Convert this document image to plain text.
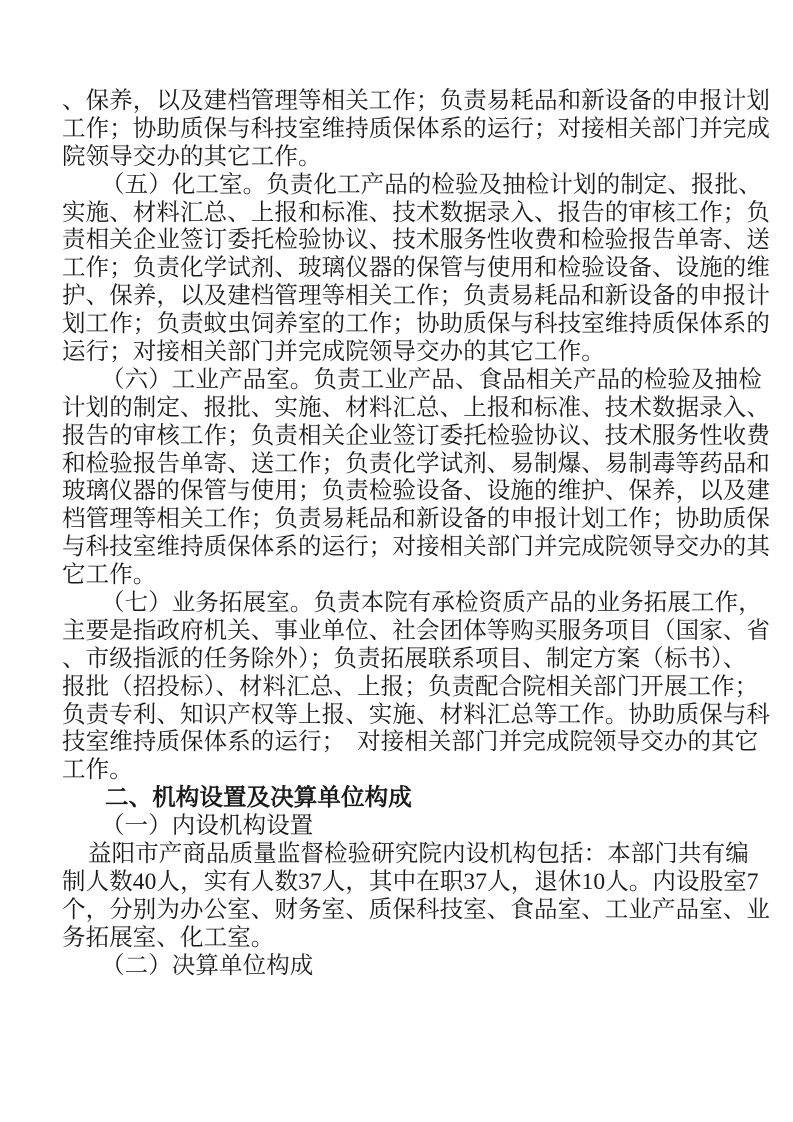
、保养，以及建档管理等相关工作；负责易耗品和新设备的申报计划
工作；协助质保与科技室维持质保体系的运行；对接相关部门并完成
院领导交办的其它工作。
（五）化工室。负责化工产品的检验及抽检计划的制定、报批、
实施、材料汇总、上报和标准、技术数据录入、报告的审核工作；负
责相关企业签订委托检验协议、技术服务性收费和检验报告单寄、送
工作；负责化学试剂、玻璃仪器的保管与使用和检验设备、设施的维
护、保养，以及建档管理等相关工作；负责易耗品和新设备的申报计
划工作；负责蚊虫饲养室的工作；协助质保与科技室维持质保体系的
运行；对接相关部门并完成院领导交办的其它工作。
（六）工业产品室。负责工业产品、食品相关产品的检验及抽检
计划的制定、报批、实施、材料汇总、上报和标准、技术数据录入、
报告的审核工作；负责相关企业签订委托检验协议、技术服务性收费
和检验报告单寄、送工作；负责化学试剂、易制爆、易制毒等药品和
玻璃仪器的保管与使用；负责检验设备、设施的维护、保养，以及建
档管理等相关工作；负责易耗品和新设备的申报计划工作；协助质保
与科技室维持质保体系的运行；对接相关部门并完成院领导交办的其
它工作。
（七）业务拓展室。负责本院有承检资质产品的业务拓展工作，
主要是指政府机关、事业单位、社会团体等购买服务项目（国家、省
、市级指派的任务除外）；负责拓展联系项目、制定方案（标书）、
报批（招投标）、材料汇总、上报；负责配合院相关部门开展工作；
负责专利、知识产权等上报、实施、材料汇总等工作。协助质保与科
技室维持质保体系的运行；　对接相关部门并完成院领导交办的其它
工作。
二、机构设置及决算单位构成
（一）内设机构设置
益阳市产商品质量监督检验研究院内设机构包括：本部门共有编
制人数40人，实有人数37人，其中在职37人，退休10人。内设股室7
个，分别为办公室、财务室、质保科技室、食品室、工业产品室、业
务拓展室、化工室。
（二）决算单位构成
